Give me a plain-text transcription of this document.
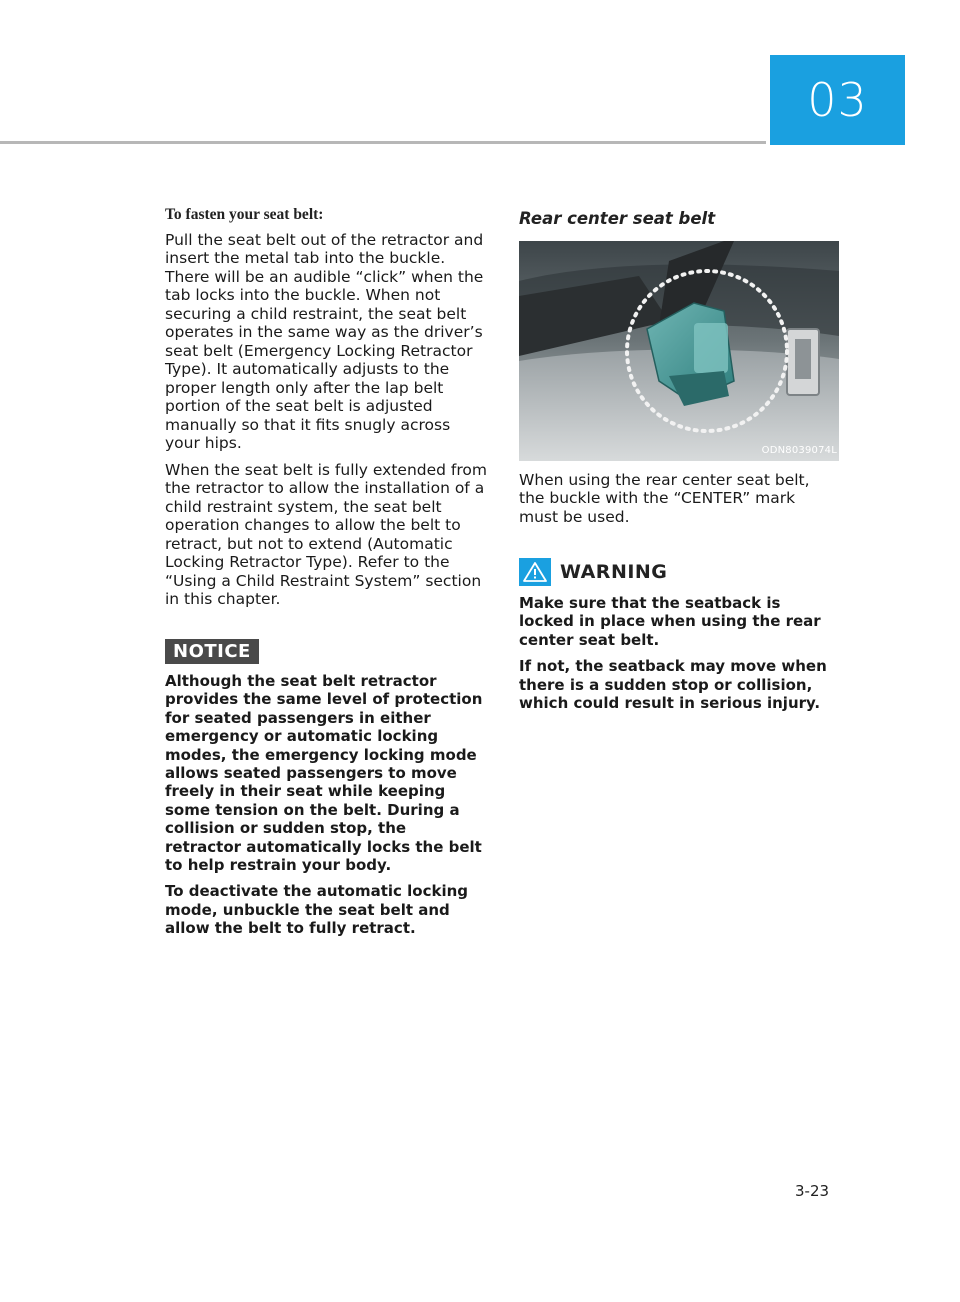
03
To fasten your seat belt:

Pull the seat belt out of the retractor and insert the metal tab into the buckle. There will be an audible “click” when the tab locks into the buckle. When not securing a child restraint, the seat belt operates in the same way as the driver’s seat belt (Emergency Locking Retractor Type). It automatically adjusts to the proper length only after the lap belt portion of the seat belt is adjusted manually so that it fits snugly across your hips.

When the seat belt is fully extended from the retractor to allow the installation of a child restraint system, the seat belt operation changes to allow the belt to retract, but not to extend (Automatic Locking Retractor Type). Refer to the “Using a Child Restraint System” section in this chapter.

NOTICE

Although the seat belt retractor provides the same level of protection for seated passengers in either emergency or automatic locking modes, the emergency locking mode allows seated passengers to move freely in their seat while keeping some tension on the belt. During a collision or sudden stop, the retractor automatically locks the belt to help restrain your body.

To deactivate the automatic locking mode, unbuckle the seat belt and allow the belt to fully retract.

Rear center seat belt
ODN8039074L

When using the rear center seat belt, the buckle with the “CENTER” mark must be used.

WARNING

Make sure that the seatback is locked in place when using the rear center seat belt.

If not, the seatback may move when there is a sudden stop or collision, which could result in serious injury.

3-23
